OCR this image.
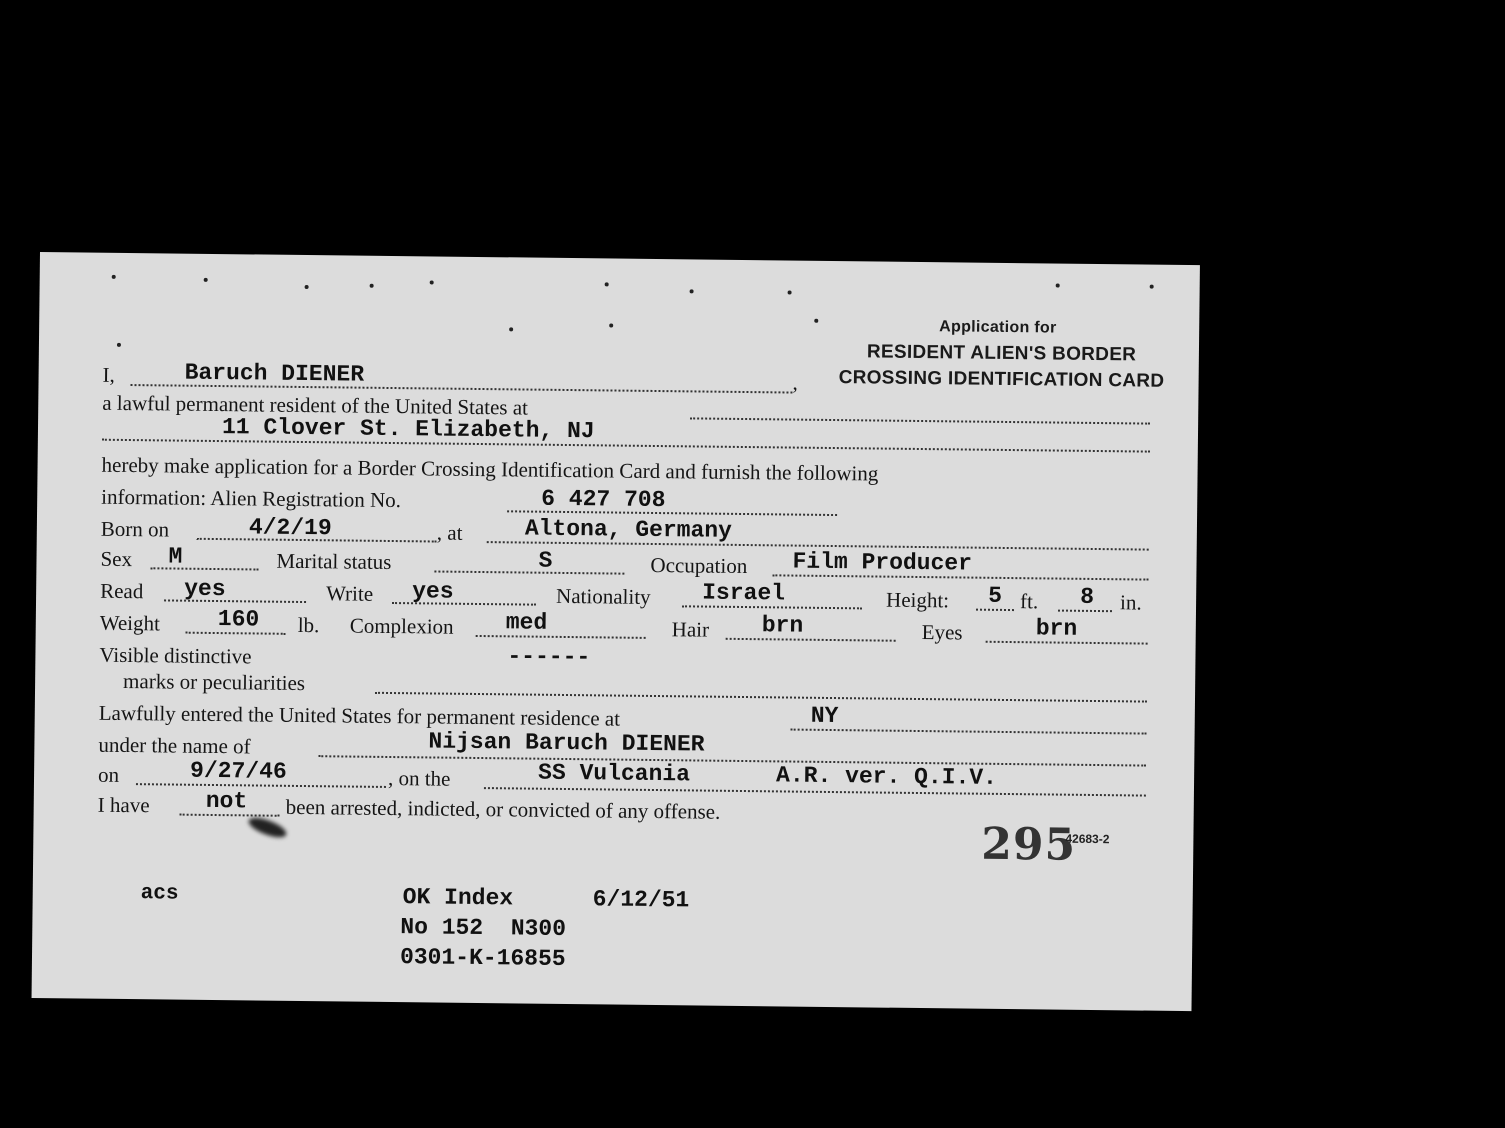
Application for
RESIDENT ALIEN'S BORDER
CROSSING IDENTIFICATION CARD
I,	Baruch DIENER	,
a lawful permanent resident of the United States at
11 Clover St. Elizabeth, NJ
hereby make application for a Border Crossing Identification Card and furnish the following
information: Alien Registration No.	6 427 708
Born on	4/2/19	, at	Altona, Germany
Sex M	Marital status	S	Occupation Film Producer
Read yes	Write yes	Nationality Israel	Height: 5 ft. 8 in.
Weight	160 lb. Complexion med	Hair brn	Eyes	brn
Visible distinctive	------
marks or peculiarities
Lawfully entered the United States for permanent residence at	NY
under the name of	Nijsan Baruch DIENER
on	9/27/46	, on the	SS Vulcania	A.R. ver. Q.I.V.
I have not been arrested, indicted, or convicted of any offense.
295
42683-2
acs	OK Index	6/12/51
No 152  N300
0301-K-16855
